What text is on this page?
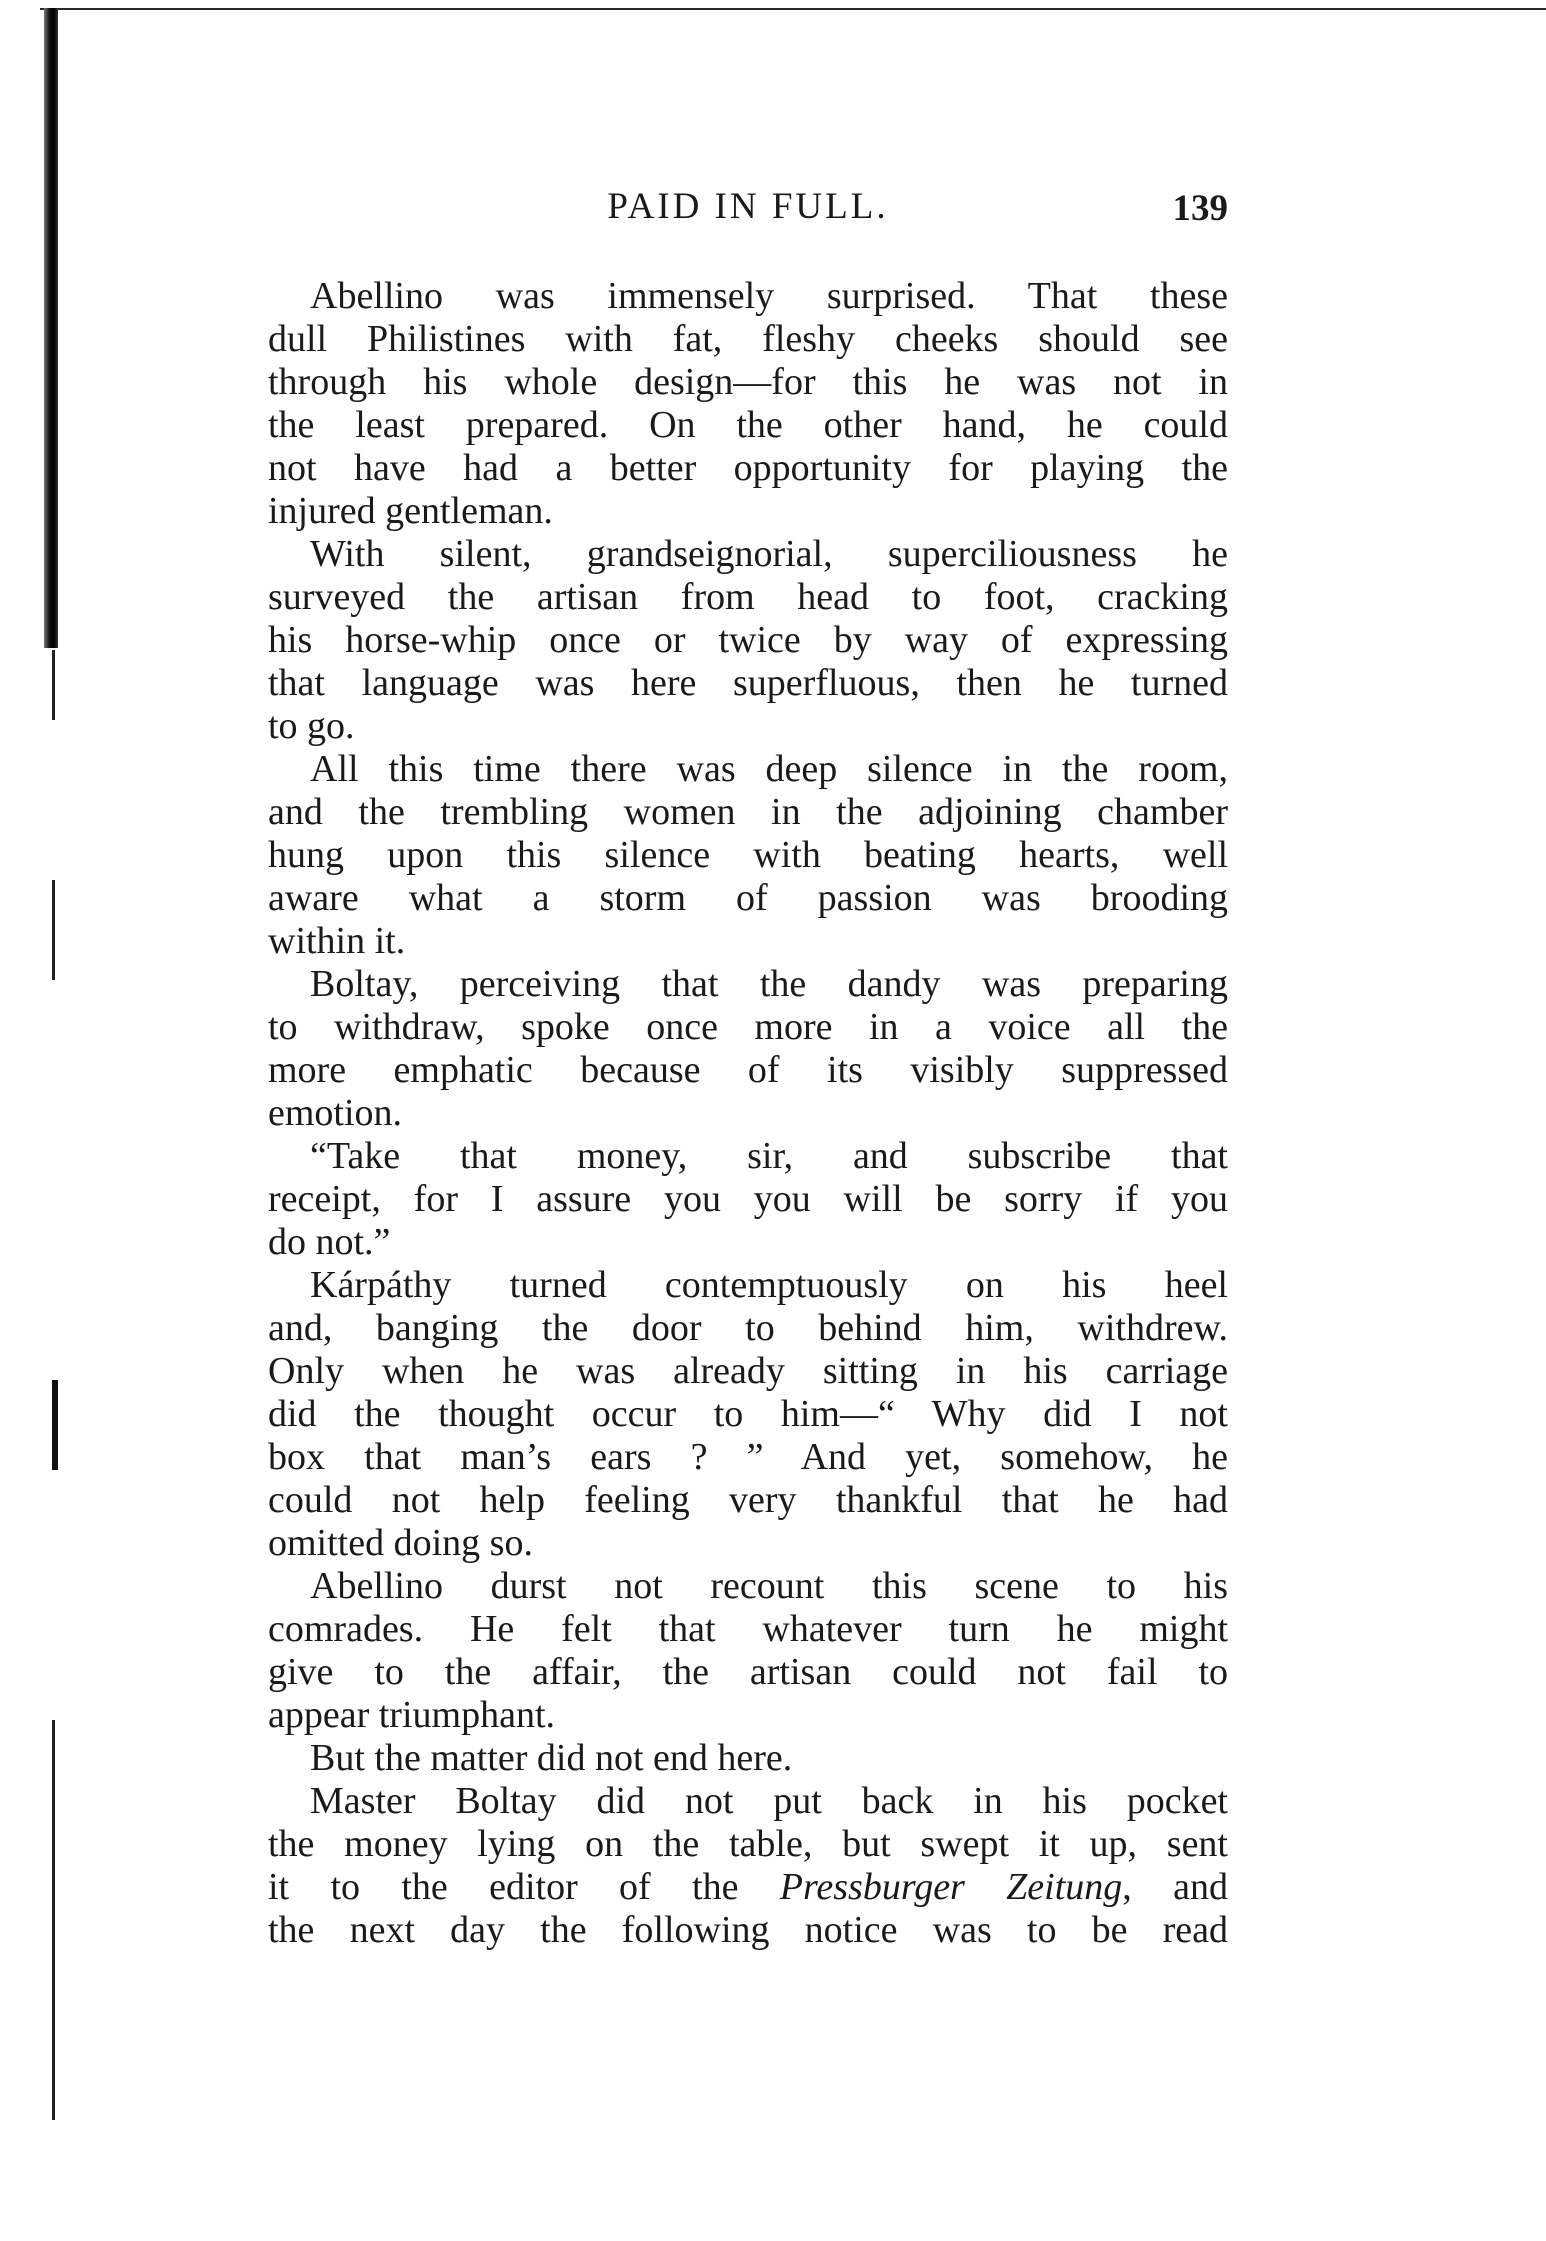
PAID IN FULL.	139
Abellino was immensely surprised. That these
dull Philistines with fat, fleshy cheeks should see
through his whole design—for this he was not in
the least prepared. On the other hand, he could
not have had a better opportunity for playing the
injured gentleman.
With silent, grandseignorial, superciliousness he
surveyed the artisan from head to foot, cracking
his horse-whip once or twice by way of expressing
that language was here superfluous, then he turned
to go.
All this time there was deep silence in the room,
and the trembling women in the adjoining chamber
hung upon this silence with beating hearts, well
aware what a storm of passion was brooding
within it.
Boltay, perceiving that the dandy was preparing
to withdraw, spoke once more in a voice all the
more emphatic because of its visibly suppressed
emotion.
“Take that money, sir, and subscribe that
receipt, for I assure you you will be sorry if you
do not.”
Kárpáthy turned contemptuously on his heel
and, banging the door to behind him, withdrew.
Only when he was already sitting in his carriage
did the thought occur to him—“ Why did I not
box that man’s ears ? ” And yet, somehow, he
could not help feeling very thankful that he had
omitted doing so.
Abellino durst not recount this scene to his
comrades. He felt that whatever turn he might
give to the affair, the artisan could not fail to
appear triumphant.
But the matter did not end here.
Master Boltay did not put back in his pocket
the money lying on the table, but swept it up, sent
it to the editor of the Pressburger Zeitung, and
the next day the following notice was to be read
